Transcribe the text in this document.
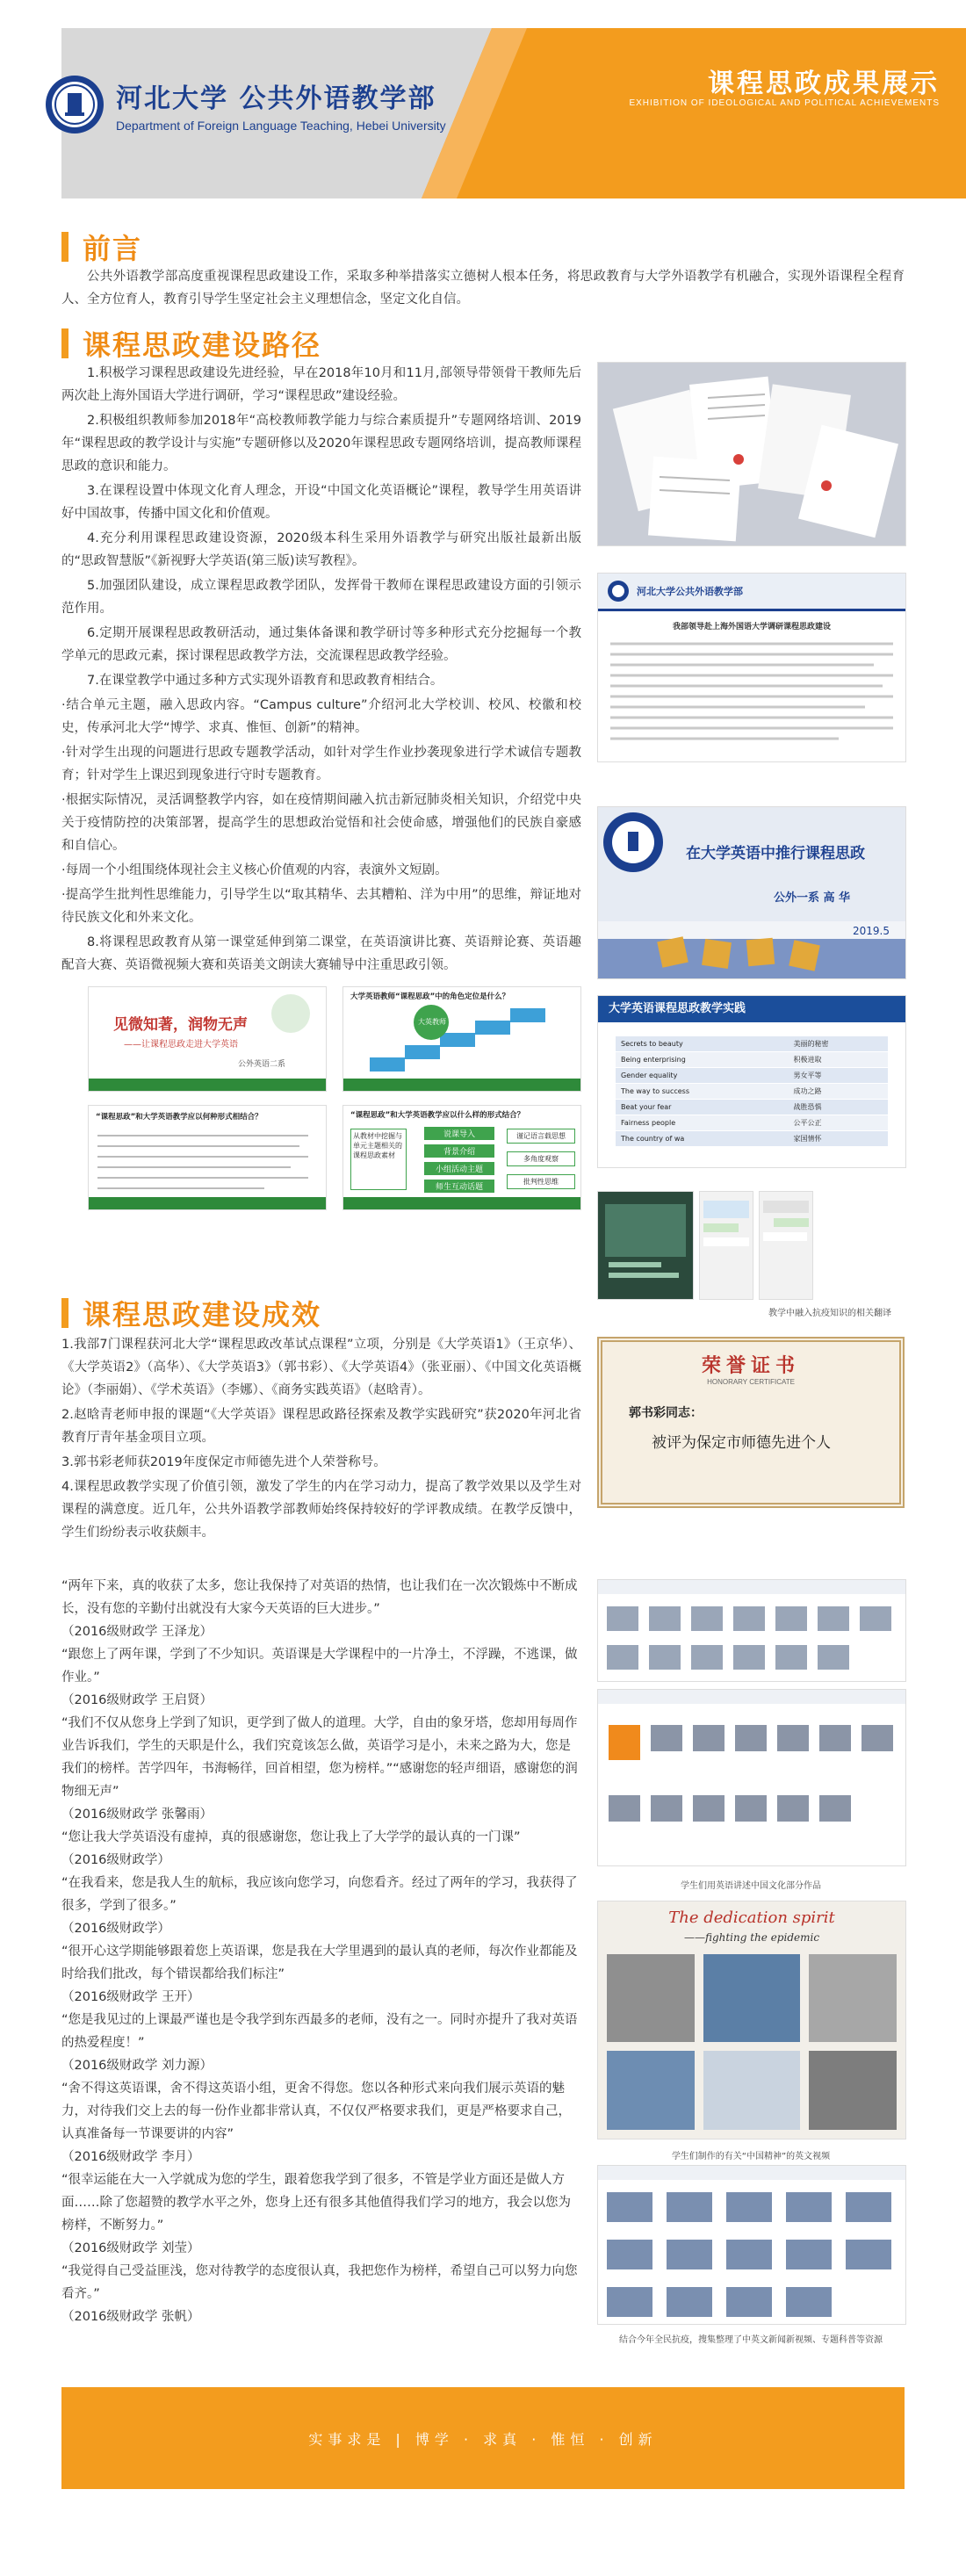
河北大学 公共外语教学部
Department of Foreign Language Teaching, Hebei University
课程思政成果展示
EXHIBITION OF IDEOLOGICAL AND POLITICAL ACHIEVEMENTS
前言

公共外语教学部高度重视课程思政建设工作，采取多种举措落实立德树人根本任务，将思政教育与大学外语教学有机融合，实现外语课程全程育人、全方位育人，教育引导学生坚定社会主义理想信念，坚定文化自信。

课程思政建设路径

1.积极学习课程思政建设先进经验，早在2018年10月和11月,部领导带领骨干教师先后两次赴上海外国语大学进行调研，学习“课程思政”建设经验。

2.积极组织教师参加2018年“高校教师教学能力与综合素质提升”专题网络培训、2019年“课程思政的教学设计与实施”专题研修以及2020年课程思政专题网络培训，提高教师课程思政的意识和能力。

3.在课程设置中体现文化育人理念，开设“中国文化英语概论”课程，教导学生用英语讲好中国故事，传播中国文化和价值观。

4.充分利用课程思政建设资源，2020级本科生采用外语教学与研究出版社最新出版的“思政智慧版”《新视野大学英语(第三版)读写教程》。

5.加强团队建设，成立课程思政教学团队，发挥骨干教师在课程思政建设方面的引领示范作用。

6.定期开展课程思政教研活动，通过集体备课和教学研讨等多种形式充分挖掘每一个教学单元的思政元素，探讨课程思政教学方法，交流课程思政教学经验。

7.在课堂教学中通过多种方式实现外语教育和思政教育相结合。

·结合单元主题，融入思政内容。“Campus culture”介绍河北大学校训、校风、校徽和校史，传承河北大学“博学、求真、惟恒、创新”的精神。

·针对学生出现的问题进行思政专题教学活动，如针对学生作业抄袭现象进行学术诚信专题教育；针对学生上课迟到现象进行守时专题教育。

·根据实际情况，灵活调整教学内容，如在疫情期间融入抗击新冠肺炎相关知识，介绍党中央关于疫情防控的决策部署，提高学生的思想政治觉悟和社会使命感，增强他们的民族自豪感和自信心。

·每周一个小组围绕体现社会主义核心价值观的内容，表演外文短剧。

·提高学生批判性思维能力，引导学生以“取其精华、去其糟粕、洋为中用”的思维，辩证地对待民族文化和外来文化。

8.将课程思政教育从第一课堂延伸到第二课堂，在英语演讲比赛、英语辩论赛、英语趣配音大赛、英语微视频大赛和英语美文朗读大赛辅导中注重思政引领。

河北大学公共外语教学部
我部领导赴上海外国语大学调研课程思政建设
在大学英语中推行课程思政
公外一系 高 华
2019.5
见微知著，润物无声
——让课程思政走进大学英语
公外英语二系
大学英语教师“课程思政”中的角色定位是什么？
大英教师
“课程思政”和大学英语教学应以何种形式相结合？	“课程思政”和大学英语教学应以什么样的形式结合？
从教材中挖掘与单元主题相关的课程思政素材
说课导入
背景介绍
小组活动主题
师生互动话题
谨记语言载思想
多角度观察
批判性思维
大学英语课程思政教学实践
Secrets to beauty	美丽的秘密
Being enterprising	积极进取
Gender equality	男女平等
The way to success	成功之路
Beat your fear	战胜恐惧
Fairness people	公平公正
The country of wa	家国情怀
教学中融入抗疫知识的相关翻译
课程思政建设成效

1.我部7门课程获河北大学“课程思政改革试点课程”立项，分别是《大学英语1》（王京华）、《大学英语2》（高华）、《大学英语3》（郭书彩）、《大学英语4》（张亚丽）、《中国文化英语概论》（李丽娟）、《学术英语》（李娜）、《商务实践英语》（赵晗青）。

2.赵晗青老师申报的课题“《大学英语》课程思政路径探索及教学实践研究”获2020年河北省教育厅青年基金项目立项。

3.郭书彩老师获2019年度保定市师德先进个人荣誉称号。

4.课程思政教学实现了价值引领，激发了学生的内在学习动力，提高了教学效果以及学生对课程的满意度。近几年，公共外语教学部教师始终保持较好的学评教成绩。在教学反馈中，学生们纷纷表示收获颇丰。

荣誉证书
HONORARY CERTIFICATE
郭书彩同志：
被评为保定市师德先进个人

“两年下来，真的收获了太多，您让我保持了对英语的热情，也让我们在一次次锻炼中不断成长，没有您的辛勤付出就没有大家今天英语的巨大进步。”

（2016级财政学 王泽龙）

“跟您上了两年课，学到了不少知识。英语课是大学课程中的一片净土，不浮躁，不逃课，做作业。”

（2016级财政学 王启贤）

“我们不仅从您身上学到了知识，更学到了做人的道理。大学，自由的象牙塔，您却用每周作业告诉我们，学生的天职是什么，我们究竟该怎么做，英语学习是小，未来之路为大，您是我们的榜样。苦学四年，书海畅徉，回首相望，您为榜样。”“感谢您的轻声细语，感谢您的润物细无声”

（2016级财政学 张馨雨）

“您让我大学英语没有虚掉，真的很感谢您，您让我上了大学学的最认真的一门课”

（2016级财政学）

“在我看来，您是我人生的航标，我应该向您学习，向您看齐。经过了两年的学习，我获得了很多，学到了很多。”

（2016级财政学）

“很开心这学期能够跟着您上英语课，您是我在大学里遇到的最认真的老师，每次作业都能及时给我们批改，每个错误都给我们标注”

（2016级财政学 王开）

“您是我见过的上课最严谨也是令我学到东西最多的老师，没有之一。同时亦提升了我对英语的热爱程度！”

（2016级财政学 刘力源）

“舍不得这英语课，舍不得这英语小组，更舍不得您。您以各种形式来向我们展示英语的魅力，对待我们交上去的每一份作业都非常认真，不仅仅严格要求我们，更是严格要求自己，认真准备每一节课要讲的内容”

（2016级财政学 李月）

“很幸运能在大一入学就成为您的学生，跟着您我学到了很多，不管是学业方面还是做人方面……除了您超赞的教学水平之外，您身上还有很多其他值得我们学习的地方，我会以您为榜样，不断努力。”

（2016级财政学 刘莹）

“我觉得自己受益匪浅，您对待教学的态度很认真，我把您作为榜样，希望自己可以努力向您看齐。”

（2016级财政学 张帆）

学生们用英语讲述中国文化部分作品
The dedication spirit
——fighting the epidemic
学生们制作的有关“中国精神”的英文视频
结合今年全民抗疫，搜集整理了中英文新闻新视频、专题科普等资源
实事求是 | 博学 · 求真 · 惟恒 · 创新
